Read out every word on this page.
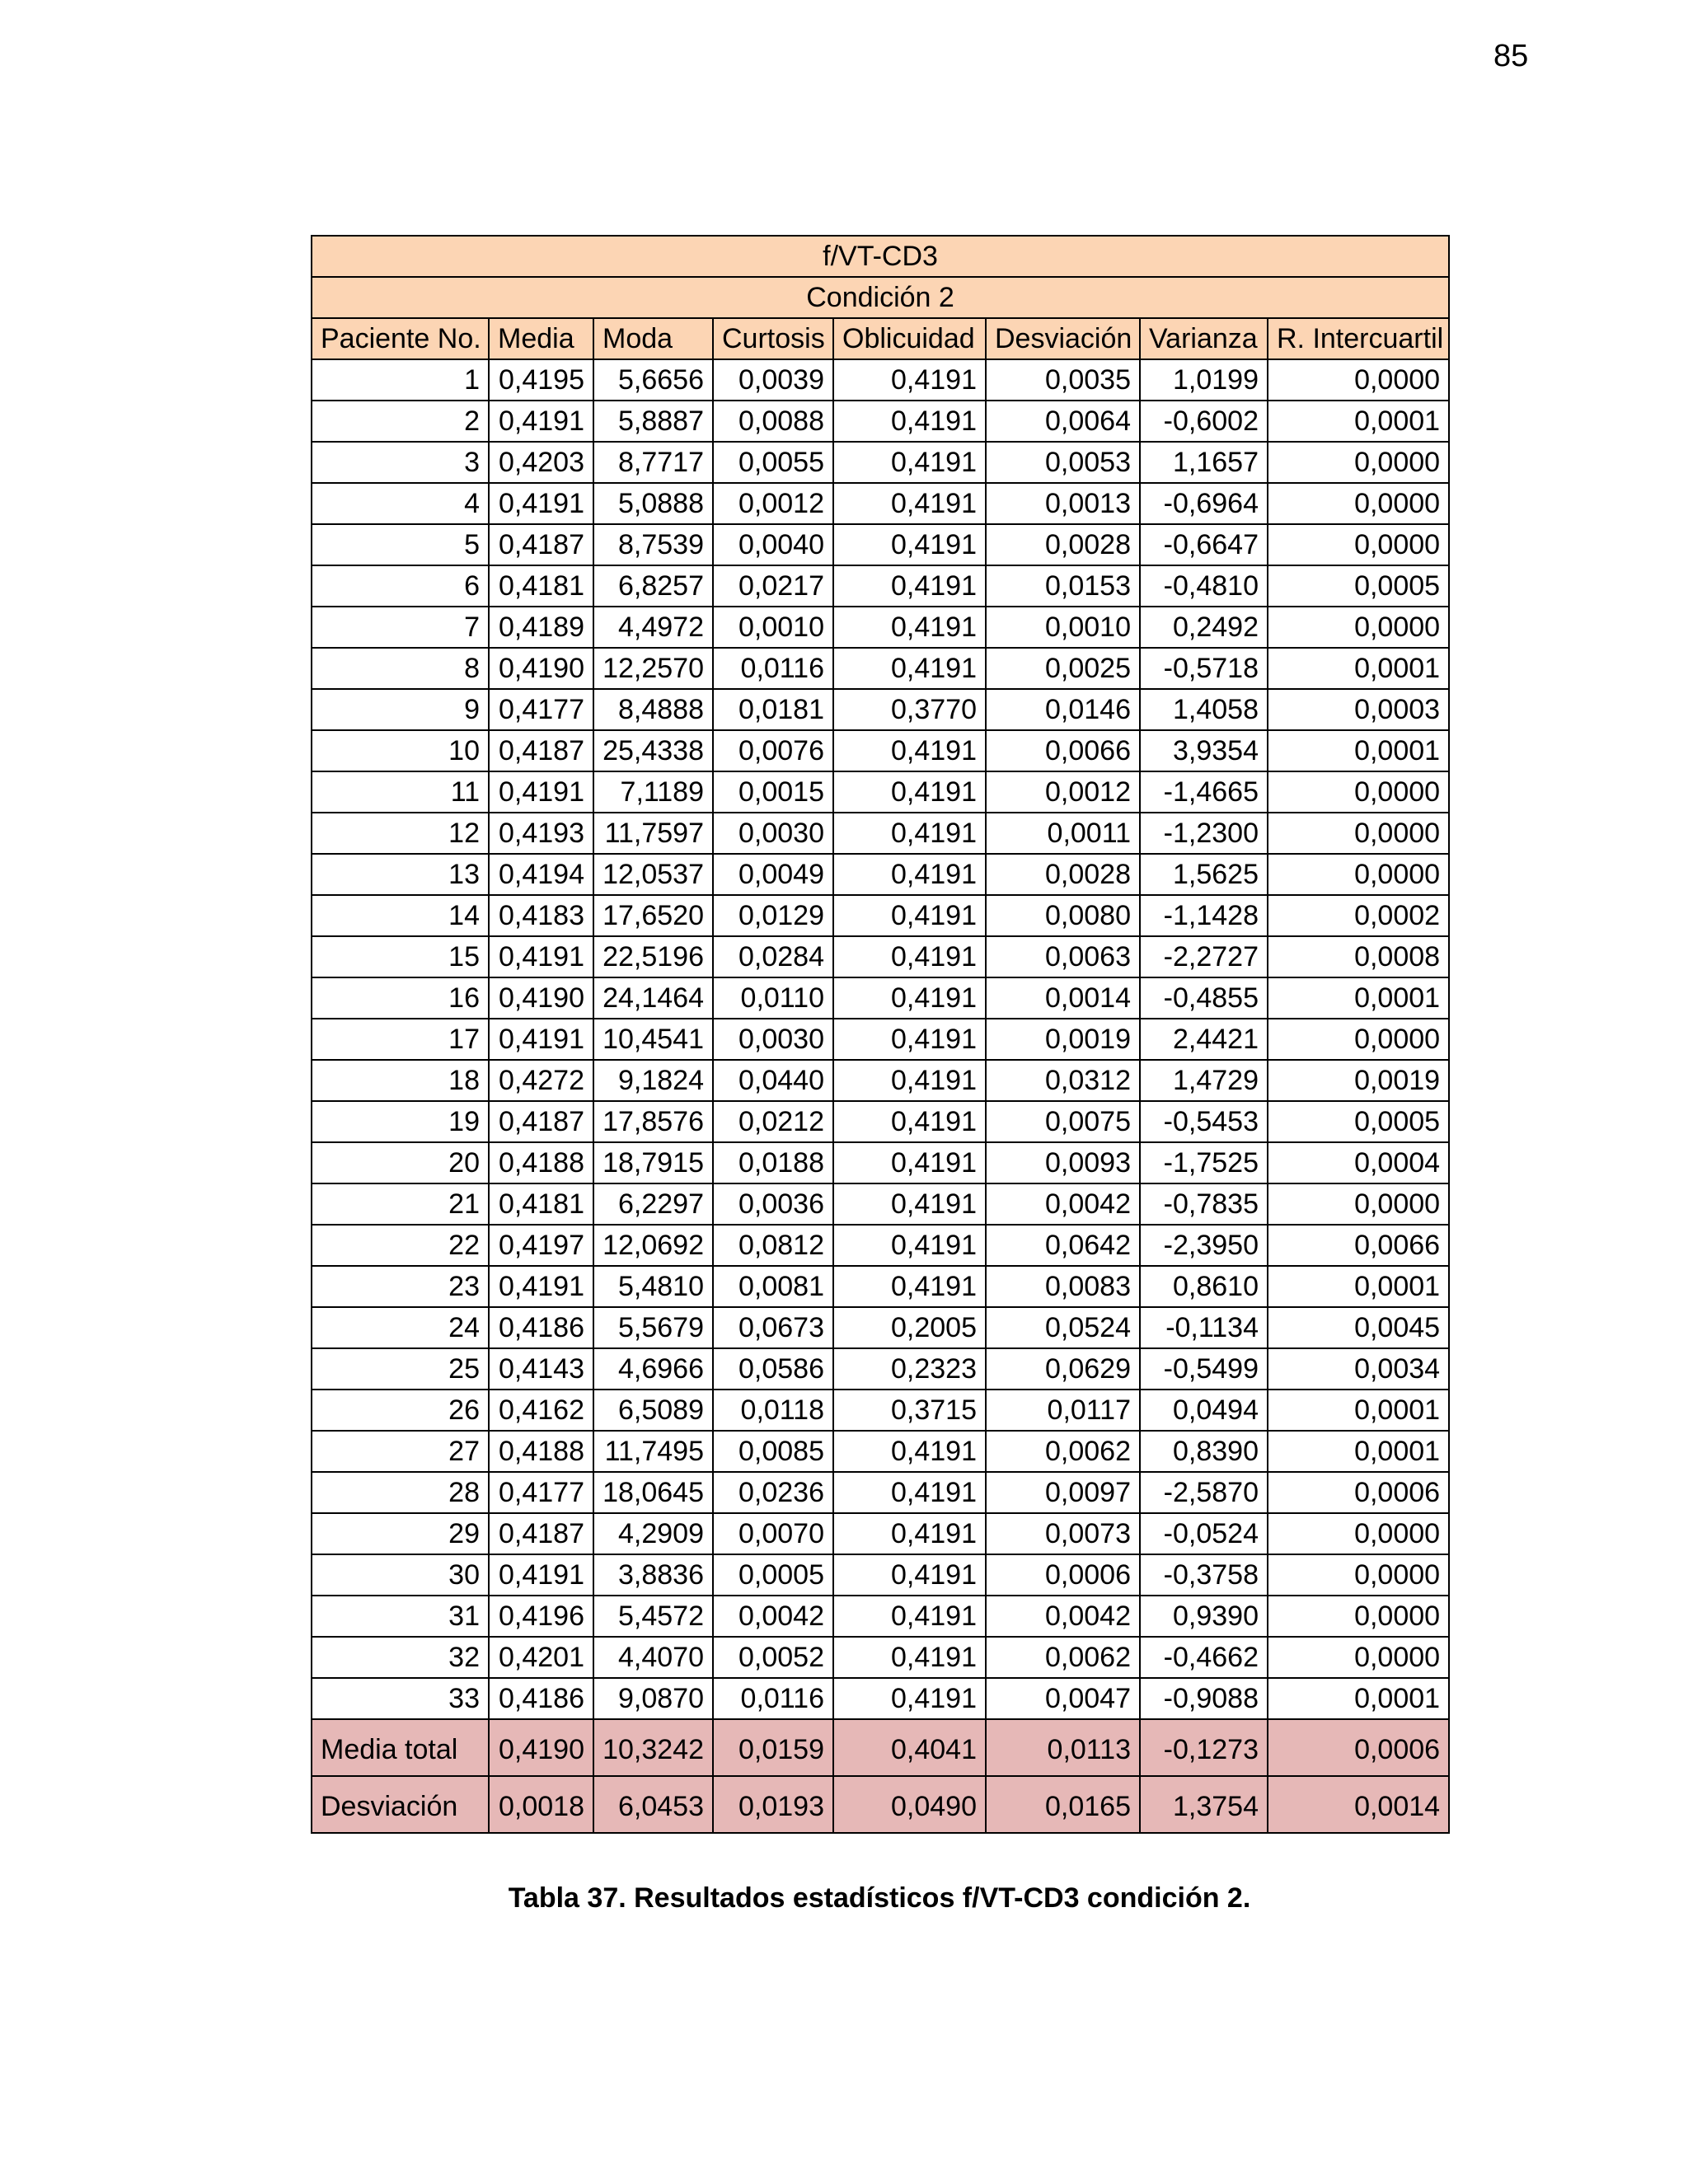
85
f/VT-CD3							
Condición 2							
Paciente No.	Media	Moda	Curtosis	Oblicuidad	Desviación	Varianza	R. Intercuartil
1	0,4195	5,6656	0,0039	0,4191	0,0035	1,0199	0,0000
2	0,4191	5,8887	0,0088	0,4191	0,0064	-0,6002	0,0001
3	0,4203	8,7717	0,0055	0,4191	0,0053	1,1657	0,0000
4	0,4191	5,0888	0,0012	0,4191	0,0013	-0,6964	0,0000
5	0,4187	8,7539	0,0040	0,4191	0,0028	-0,6647	0,0000
6	0,4181	6,8257	0,0217	0,4191	0,0153	-0,4810	0,0005
7	0,4189	4,4972	0,0010	0,4191	0,0010	0,2492	0,0000
8	0,4190	12,2570	0,0116	0,4191	0,0025	-0,5718	0,0001
9	0,4177	8,4888	0,0181	0,3770	0,0146	1,4058	0,0003
10	0,4187	25,4338	0,0076	0,4191	0,0066	3,9354	0,0001
11	0,4191	7,1189	0,0015	0,4191	0,0012	-1,4665	0,0000
12	0,4193	11,7597	0,0030	0,4191	0,0011	-1,2300	0,0000
13	0,4194	12,0537	0,0049	0,4191	0,0028	1,5625	0,0000
14	0,4183	17,6520	0,0129	0,4191	0,0080	-1,1428	0,0002
15	0,4191	22,5196	0,0284	0,4191	0,0063	-2,2727	0,0008
16	0,4190	24,1464	0,0110	0,4191	0,0014	-0,4855	0,0001
17	0,4191	10,4541	0,0030	0,4191	0,0019	2,4421	0,0000
18	0,4272	9,1824	0,0440	0,4191	0,0312	1,4729	0,0019
19	0,4187	17,8576	0,0212	0,4191	0,0075	-0,5453	0,0005
20	0,4188	18,7915	0,0188	0,4191	0,0093	-1,7525	0,0004
21	0,4181	6,2297	0,0036	0,4191	0,0042	-0,7835	0,0000
22	0,4197	12,0692	0,0812	0,4191	0,0642	-2,3950	0,0066
23	0,4191	5,4810	0,0081	0,4191	0,0083	0,8610	0,0001
24	0,4186	5,5679	0,0673	0,2005	0,0524	-0,1134	0,0045
25	0,4143	4,6966	0,0586	0,2323	0,0629	-0,5499	0,0034
26	0,4162	6,5089	0,0118	0,3715	0,0117	0,0494	0,0001
27	0,4188	11,7495	0,0085	0,4191	0,0062	0,8390	0,0001
28	0,4177	18,0645	0,0236	0,4191	0,0097	-2,5870	0,0006
29	0,4187	4,2909	0,0070	0,4191	0,0073	-0,0524	0,0000
30	0,4191	3,8836	0,0005	0,4191	0,0006	-0,3758	0,0000
31	0,4196	5,4572	0,0042	0,4191	0,0042	0,9390	0,0000
32	0,4201	4,4070	0,0052	0,4191	0,0062	-0,4662	0,0000
33	0,4186	9,0870	0,0116	0,4191	0,0047	-0,9088	0,0001
Media total	0,4190	10,3242	0,0159	0,4041	0,0113	-0,1273	0,0006
Desviación	0,0018	6,0453	0,0193	0,0490	0,0165	1,3754	0,0014
Tabla 37. Resultados estadísticos f/VT-CD3 condición 2.
